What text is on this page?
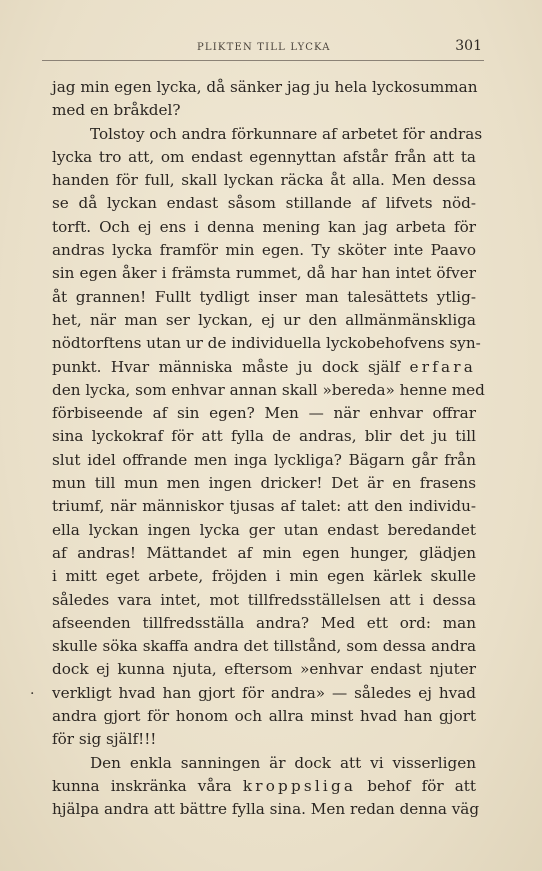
PLIKTEN TILL LYCKA	301
.
jag min egen lycka, då sänker jag ju hela lyckosumman
med en bråkdel?
Tolstoy och andra förkunnare af arbetet för andras
lycka tro att, om endast egennyttan afstår från att ta
handen för full, skall lyckan räcka åt alla. Men dessa
se då lyckan endast såsom stillande af lifvets nöd-
torft. Och ej ens i denna mening kan jag arbeta för
andras lycka framför min egen. Ty sköter inte Paavo
sin egen åker i främsta rummet, då har han intet öfver
åt grannen! Fullt tydligt inser man talesättets ytlig-
het, när man ser lyckan, ej ur den allmänmänskliga
nödtorftens utan ur de individuella lyckobehofvens syn-
punkt. Hvar människa måste ju dock själf erfara
den lycka, som enhvar annan skall »bereda» henne med
förbiseende af sin egen? Men — när enhvar offrar
sina lyckokraf för att fylla de andras, blir det ju till
slut idel offrande men inga lyckliga? Bägarn går från
mun till mun men ingen dricker! Det är en frasens
triumf, när människor tjusas af talet: att den individu-
ella lyckan ingen lycka ger utan endast beredandet
af andras! Mättandet af min egen hunger, glädjen
i mitt eget arbete, fröjden i min egen kärlek skulle
således vara intet, mot tillfredsställelsen att i dessa
afseenden tillfredsställa andra? Med ett ord: man
skulle söka skaffa andra det tillstånd, som dessa andra
dock ej kunna njuta, eftersom »enhvar endast njuter
verkligt hvad han gjort för andra» — således ej hvad
andra gjort för honom och allra minst hvad han gjort
för sig själf!!!
Den enkla sanningen är dock att vi visserligen
kunna inskränka våra kroppsliga behof för att
hjälpa andra att bättre fylla sina. Men redan denna väg
